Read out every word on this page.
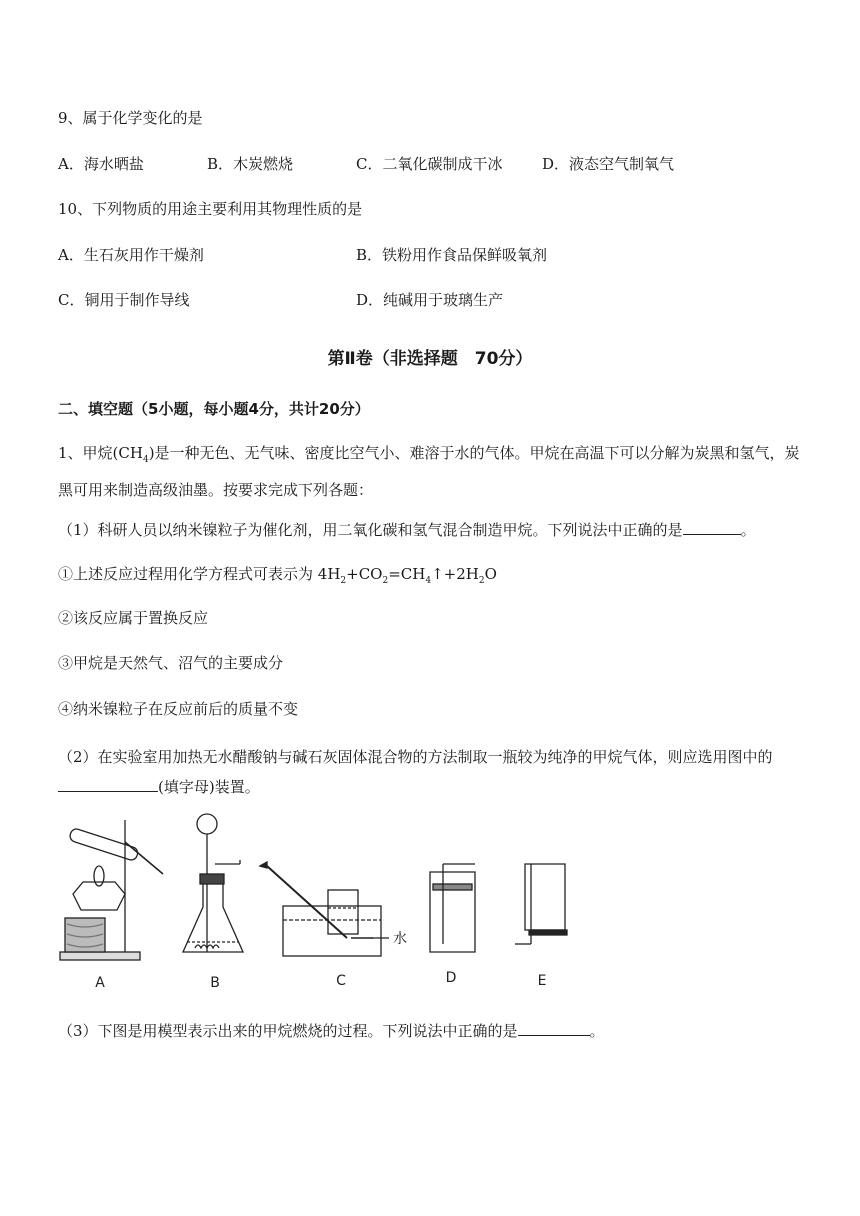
9、属于化学变化的是
A．海水晒盐	B．木炭燃烧	C．二氧化碳制成干冰	D．液态空气制氧气
10、下列物质的用途主要利用其物理性质的是
A．生石灰用作干燥剂	B．铁粉用作食品保鲜吸氧剂
C．铜用于制作导线	D．纯碱用于玻璃生产
第Ⅱ卷（非选择题　70分）
二、填空题（5小题，每小题4分，共计20分）
1、甲烷$(CH_4)$是一种无色、无气味、密度比空气小、难溶于水的气体。甲烷在高温下可以分解为炭黑和氢气，炭黑可用来制造高级油墨。按要求完成下列各题：
（1）科研人员以纳米镍粒子为催化剂，用二氧化碳和氢气混合制造甲烷。下列说法中正确的是	。
①上述反应过程用化学方程式可表示为 $4H_2+CO_2=CH_4↑+2H_2O$
②该反应属于置换反应
③甲烷是天然气、沼气的主要成分
④纳米镍粒子在反应前后的质量不变
（2）在实验室用加热无水醋酸钠与碱石灰固体混合物的方法制取一瓶较为纯净的甲烷气体，则应选用图中的(填字母)装置。
A	B	C	D	E
水
（3）下图是用模型表示出来的甲烷燃烧的过程。下列说法中正确的是	。
